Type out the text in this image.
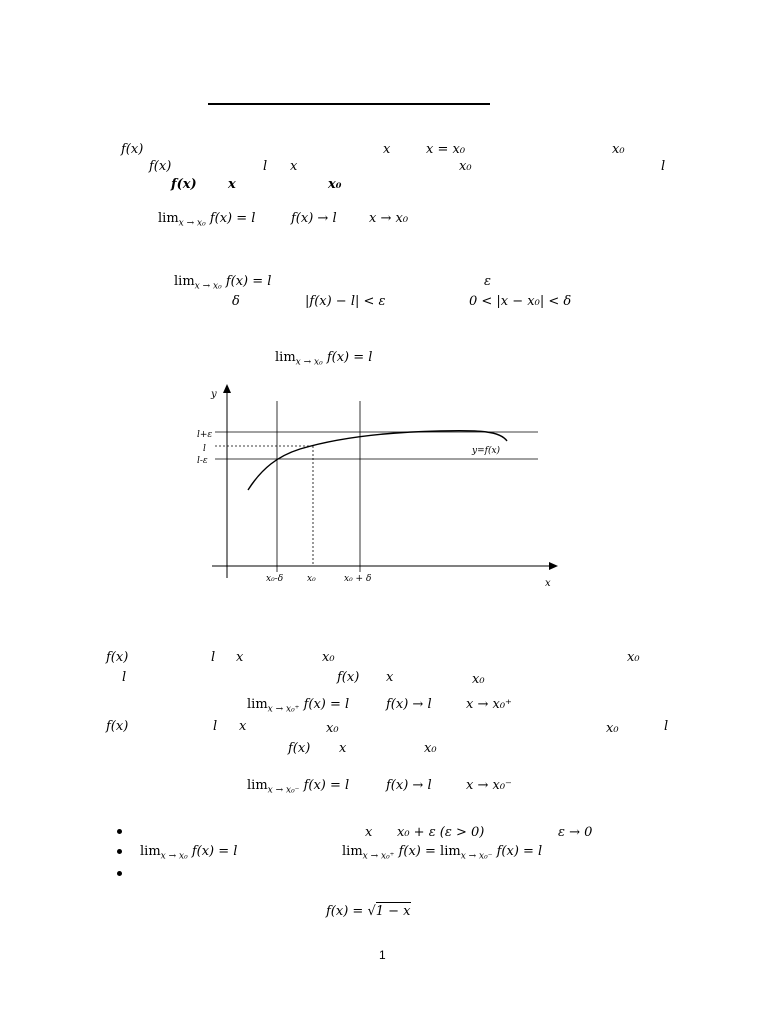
f(x)	x	x = x₀	x₀
f(x)	l x	x₀	l
f(x) x	x₀
$\lim_{x \to x_0} f(x) = l$	f(x) → l x → x₀
$\lim_{x \to x_0} f(x) = l$	ε
δ	|f(x) − l| < ε	0 < |x − x₀| < δ
$\lim_{x \to x_0} f(x) = l$
y
x
l+ε
l
l-ε
y=f(x)
x₀-δ	x₀	x₀ + δ
f(x)	l x	x₀	x₀
l	f(x) x	x₀
$\lim_{x \to x_0^+} f(x) = l$	f(x) → l	x → x₀⁺
f(x)	l x	x₀	x₀	l
f(x) x	x₀
$\lim_{x \to x_0^-} f(x) = l$	f(x) → l	x → x₀⁻
x x₀ + ε (ε > 0)	ε → 0
$\lim_{x \to x_0} f(x) = l$	$\lim_{x \to x_0^+} f(x) = \lim_{x \to x_0^-} f(x) = l$
f(x) = √1 − x
1
